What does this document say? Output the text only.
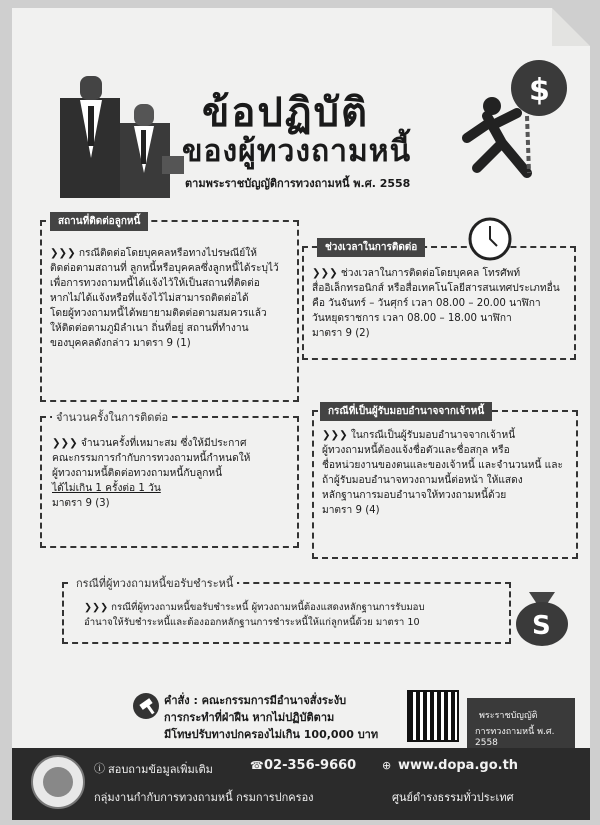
$
ข้อปฏิบัติ
ของผู้ทวงถามหนี้
ตามพระราชบัญญัติการทวงถามหนี้ พ.ศ. 2558
สถานที่ติดต่อลูกหนี้
❯❯❯ กรณีติดต่อโดยบุคคลหรือทางไปรษณีย์ให้
ติดต่อตามสถานที่ ลูกหนี้หรือบุคคลซึ่งลูกหนี้ได้ระบุไว้
เพื่อการทวงถามหนี้ได้แจ้งไว้ให้เป็นสถานที่ติดต่อ
หากไม่ได้แจ้งหรือที่แจ้งไว้ไม่สามารถติดต่อได้
โดยผู้ทวงถามหนี้ได้พยายามติดต่อตามสมควรแล้ว
ให้ติดต่อตามภูมิลำเนา ถิ่นที่อยู่ สถานที่ทำงาน
ของบุคคลดังกล่าว มาตรา 9 (1)
ช่วงเวลาในการติดต่อ
❯❯❯ ช่วงเวลาในการติดต่อโดยบุคคล โทรศัพท์
สื่ออิเล็กทรอนิกส์ หรือสื่อเทคโนโลยีสารสนเทศประเภทอื่น
คือ วันจันทร์ – วันศุกร์ เวลา 08.00 – 20.00 นาฬิกา
วันหยุดราชการ เวลา 08.00 – 18.00 นาฬิกา
มาตรา 9 (2)
จำนวนครั้งในการติดต่อ
❯❯❯ จำนวนครั้งที่เหมาะสม ซึ่งให้มีประกาศ
คณะกรรมการกำกับการทวงถามหนี้กำหนดให้
ผู้ทวงถามหนี้ติดต่อทวงถามหนี้กับลูกหนี้
ได้ไม่เกิน 1 ครั้งต่อ 1 วัน
มาตรา 9 (3)
กรณีที่เป็นผู้รับมอบอำนาจจากเจ้าหนี้
❯❯❯ ในกรณีเป็นผู้รับมอบอำนาจจากเจ้าหนี้
ผู้ทวงถามหนี้ต้องแจ้งชื่อตัวและชื่อสกุล หรือ
ชื่อหน่วยงานของตนและของเจ้าหนี้ และจำนวนหนี้ และ
ถ้าผู้รับมอบอำนาจทวงถามหนี้ต่อหน้า ให้แสดง
หลักฐานการมอบอำนาจให้ทวงถามหนี้ด้วย
มาตรา 9 (4)
กรณีที่ผู้ทวงถามหนี้ขอรับชำระหนี้
❯❯❯ กรณีที่ผู้ทวงถามหนี้ขอรับชำระหนี้ ผู้ทวงถามหนี้ต้องแสดงหลักฐานการรับมอบ
อำนาจให้รับชำระหนี้และต้องออกหลักฐานการชำระหนี้ให้แก่ลูกหนี้ด้วย มาตรา 10	S
คำสั่ง : คณะกรรมการมีอำนาจสั่งระงับ
การกระทำที่ฝ่าฝืน หากไม่ปฏิบัติตาม
มีโทษปรับทางปกครองไม่เกิน 100,000 บาท
พระราชบัญญัติ
การทวงถามหนี้ พ.ศ. 2558
ⓘ สอบถามข้อมูลเพิ่มเติม	☎ 02-356-9660 ⊕ www.dopa.go.th
กลุ่มงานกำกับการทวงถามหนี้ กรมการปกครอง	ศูนย์ดำรงธรรมทั่วประเทศ
